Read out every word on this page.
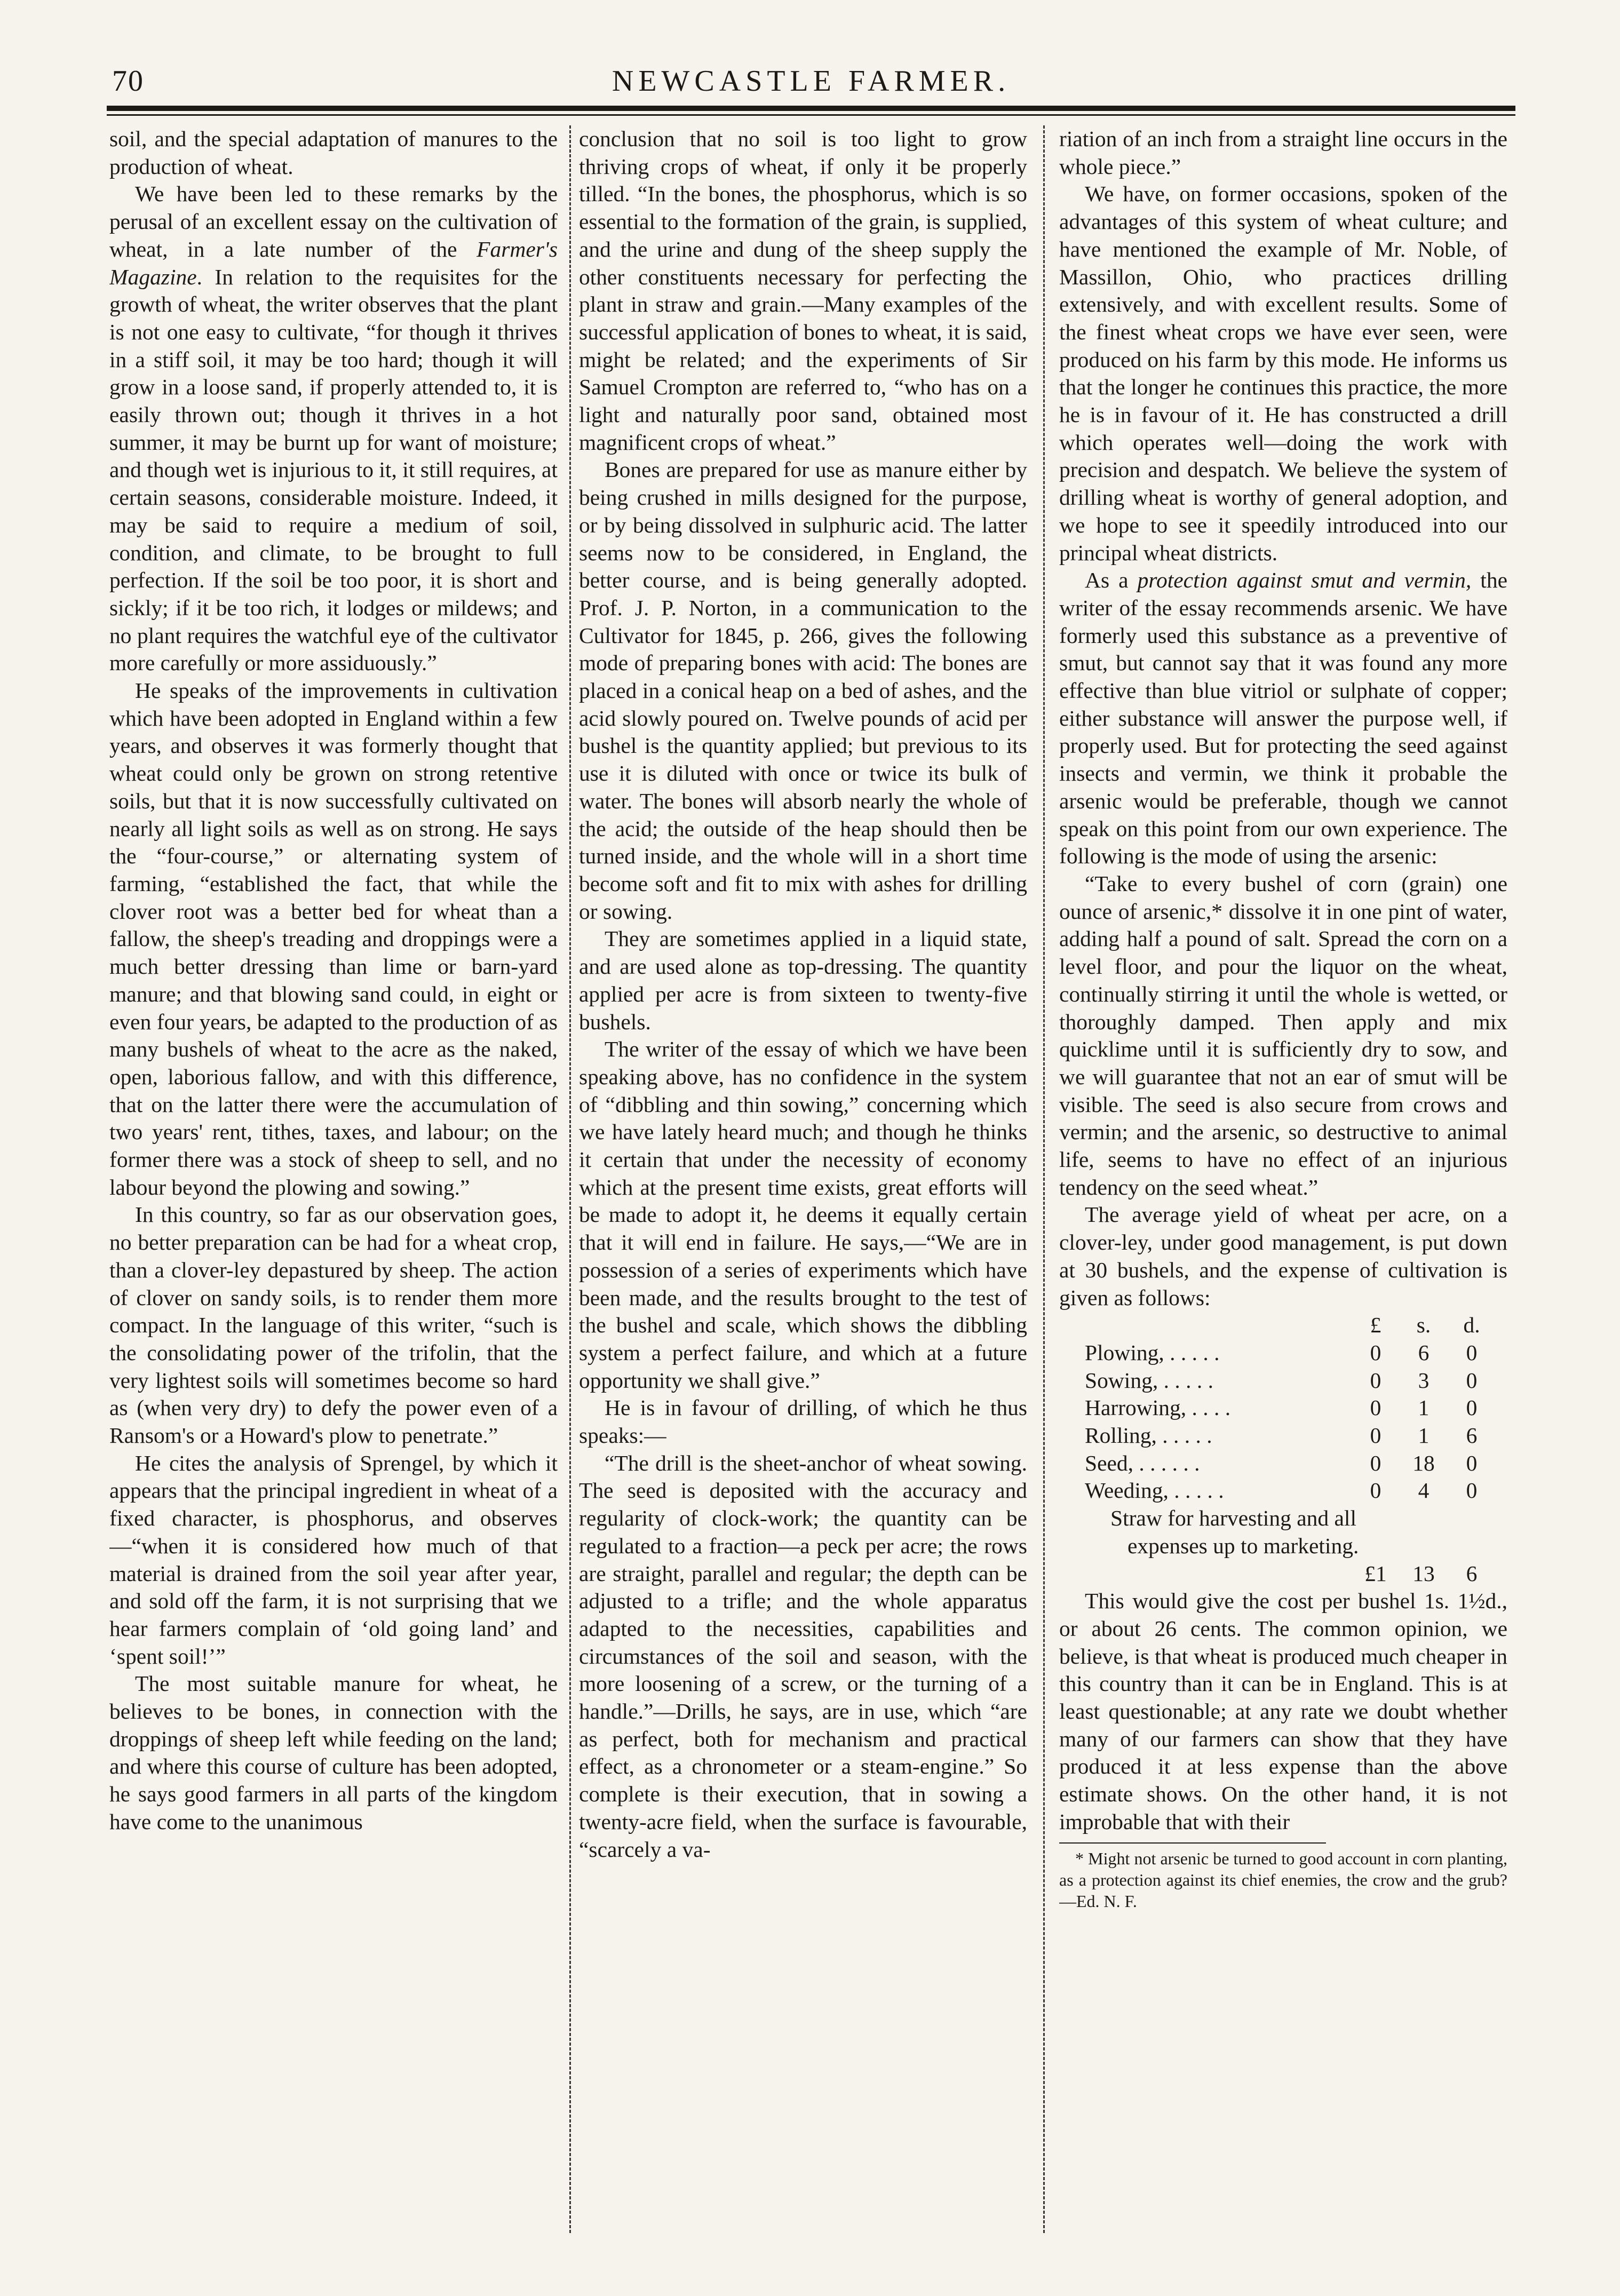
70	NEWCASTLE FARMER.

soil, and the special adaptation of manures to the production of wheat.

We have been led to these remarks by the perusal of an excellent essay on the cultivation of wheat, in a late number of the Farmer's Magazine. In relation to the requisites for the growth of wheat, the writer observes that the plant is not one easy to cultivate, “for though it thrives in a stiff soil, it may be too hard; though it will grow in a loose sand, if properly attended to, it is easily thrown out; though it thrives in a hot summer, it may be burnt up for want of moisture; and though wet is injurious to it, it still requires, at certain seasons, considerable moisture. Indeed, it may be said to require a medium of soil, condition, and climate, to be brought to full perfection. If the soil be too poor, it is short and sickly; if it be too rich, it lodges or mildews; and no plant requires the watchful eye of the cultivator more carefully or more assiduously.”

He speaks of the improvements in cultivation which have been adopted in England within a few years, and observes it was formerly thought that wheat could only be grown on strong retentive soils, but that it is now successfully cultivated on nearly all light soils as well as on strong. He says the “four-course,” or alternating system of farming, “established the fact, that while the clover root was a better bed for wheat than a fallow, the sheep's treading and droppings were a much better dressing than lime or barn-yard manure; and that blowing sand could, in eight or even four years, be adapted to the production of as many bushels of wheat to the acre as the naked, open, laborious fallow, and with this difference, that on the latter there were the accumulation of two years' rent, tithes, taxes, and labour; on the former there was a stock of sheep to sell, and no labour beyond the plowing and sowing.”

In this country, so far as our observation goes, no better preparation can be had for a wheat crop, than a clover-ley depastured by sheep. The action of clover on sandy soils, is to render them more compact. In the language of this writer, “such is the consolidating power of the trifolin, that the very lightest soils will sometimes become so hard as (when very dry) to defy the power even of a Ransom's or a Howard's plow to penetrate.”

He cites the analysis of Sprengel, by which it appears that the principal ingredient in wheat of a fixed character, is phosphorus, and observes—“when it is considered how much of that material is drained from the soil year after year, and sold off the farm, it is not surprising that we hear farmers complain of ‘old going land’ and ‘spent soil!’”

The most suitable manure for wheat, he believes to be bones, in connection with the droppings of sheep left while feeding on the land; and where this course of culture has been adopted, he says good farmers in all parts of the kingdom have come to the unanimous

conclusion that no soil is too light to grow thriving crops of wheat, if only it be properly tilled. “In the bones, the phosphorus, which is so essential to the formation of the grain, is supplied, and the urine and dung of the sheep supply the other constituents necessary for perfecting the plant in straw and grain.—Many examples of the successful application of bones to wheat, it is said, might be related; and the experiments of Sir Samuel Crompton are referred to, “who has on a light and naturally poor sand, obtained most magnificent crops of wheat.”

Bones are prepared for use as manure either by being crushed in mills designed for the purpose, or by being dissolved in sulphuric acid. The latter seems now to be considered, in England, the better course, and is being generally adopted. Prof. J. P. Norton, in a communication to the Cultivator for 1845, p. 266, gives the following mode of preparing bones with acid: The bones are placed in a conical heap on a bed of ashes, and the acid slowly poured on. Twelve pounds of acid per bushel is the quantity applied; but previous to its use it is diluted with once or twice its bulk of water. The bones will absorb nearly the whole of the acid; the outside of the heap should then be turned inside, and the whole will in a short time become soft and fit to mix with ashes for drilling or sowing.

They are sometimes applied in a liquid state, and are used alone as top-dressing. The quantity applied per acre is from sixteen to twenty-five bushels.

The writer of the essay of which we have been speaking above, has no confidence in the system of “dibbling and thin sowing,” concerning which we have lately heard much; and though he thinks it certain that under the necessity of economy which at the present time exists, great efforts will be made to adopt it, he deems it equally certain that it will end in failure. He says,—“We are in possession of a series of experiments which have been made, and the results brought to the test of the bushel and scale, which shows the dibbling system a perfect failure, and which at a future opportunity we shall give.”

He is in favour of drilling, of which he thus speaks:—

“The drill is the sheet-anchor of wheat sowing. The seed is deposited with the accuracy and regularity of clock-work; the quantity can be regulated to a fraction—a peck per acre; the rows are straight, parallel and regular; the depth can be adjusted to a trifle; and the whole apparatus adapted to the necessities, capabilities and circumstances of the soil and season, with the more loosening of a screw, or the turning of a handle.”—Drills, he says, are in use, which “are as perfect, both for mechanism and practical effect, as a chronometer or a steam-engine.” So complete is their execution, that in sowing a twenty-acre field, when the surface is favourable, “scarcely a va-

riation of an inch from a straight line occurs in the whole piece.”

We have, on former occasions, spoken of the advantages of this system of wheat culture; and have mentioned the example of Mr. Noble, of Massillon, Ohio, who practices drilling extensively, and with excellent results. Some of the finest wheat crops we have ever seen, were produced on his farm by this mode. He informs us that the longer he continues this practice, the more he is in favour of it. He has constructed a drill which operates well—doing the work with precision and despatch. We believe the system of drilling wheat is worthy of general adoption, and we hope to see it speedily introduced into our principal wheat districts.

As a protection against smut and vermin, the writer of the essay recommends arsenic. We have formerly used this substance as a preventive of smut, but cannot say that it was found any more effective than blue vitriol or sulphate of copper; either substance will answer the purpose well, if properly used. But for protecting the seed against insects and vermin, we think it probable the arsenic would be preferable, though we cannot speak on this point from our own experience. The following is the mode of using the arsenic:

“Take to every bushel of corn (grain) one ounce of arsenic,* dissolve it in one pint of water, adding half a pound of salt. Spread the corn on a level floor, and pour the liquor on the wheat, continually stirring it until the whole is wetted, or thoroughly damped. Then apply and mix quicklime until it is sufficiently dry to sow, and we will guarantee that not an ear of smut will be visible. The seed is also secure from crows and vermin; and the arsenic, so destructive to animal life, seems to have no effect of an injurious tendency on the seed wheat.”

The average yield of wheat per acre, on a clover-ley, under good management, is put down at 30 bushels, and the expense of cultivation is given as follows:

	£	s.	d.
Plowing, . . . . .	0	6	0
Sowing, . . . . .	0	3	0
Harrowing, . . . .	0	1	0
Rolling, . . . . .	0	1	6
Seed, . . . . . .	0	18	0
Weeding, . . . . .	0	4	0

Straw for harvesting and all

expenses up to marketing.

	£1	13	6

This would give the cost per bushel 1s. 1½d., or about 26 cents. The common opinion, we believe, is that wheat is produced much cheaper in this country than it can be in England. This is at least questionable; at any rate we doubt whether many of our farmers can show that they have produced it at less expense than the above estimate shows. On the other hand, it is not improbable that with their

* Might not arsenic be turned to good account in corn planting, as a protection against its chief enemies, the crow and the grub?—Ed. N. F.
